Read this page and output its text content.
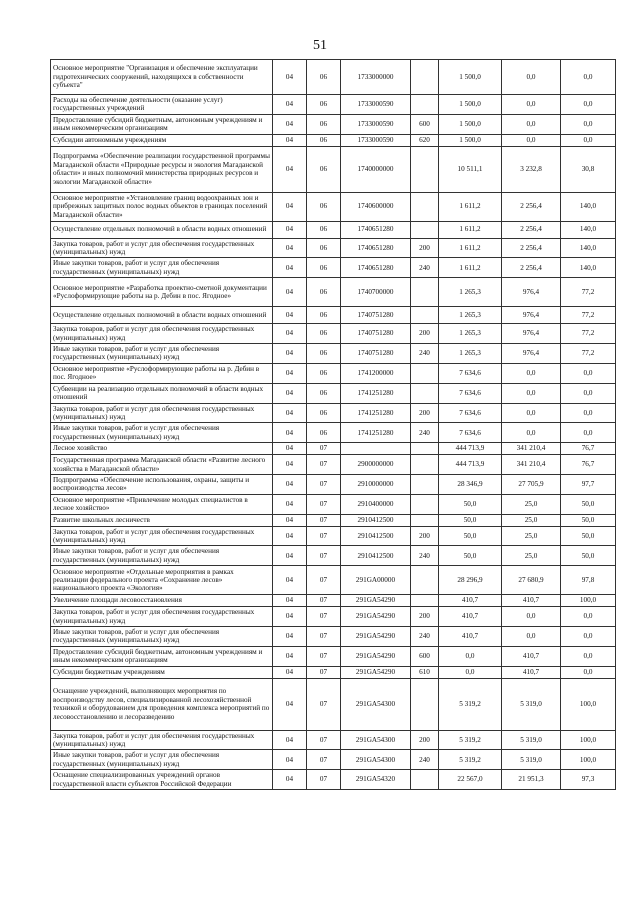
51
Основное мероприятие "Организация и обеспечение эксплуатации гидротехнических сооружений, находящихся в собственности субъекта"	04	06	1733000000		1 500,0	0,0	0,0
Расходы на обеспечение деятельности (оказание услуг) государственных учреждений	04	06	1733000590		1 500,0	0,0	0,0
Предоставление субсидий бюджетным, автономным учреждениям и иным некоммерческим организациям	04	06	1733000590	600	1 500,0	0,0	0,0
Субсидии автономным учреждениям	04	06	1733000590	620	1 500,0	0,0	0,0
Подпрограмма «Обеспечение реализации государственной программы Магаданской области «Природные ресурсы и экология Магаданской области» и иных полномочий министерства природных ресурсов и экологии Магаданской области»	04	06	1740000000		10 511,1	3 232,8	30,8
Основное мероприятие «Установление границ водоохранных зон и прибрежных защитных полос водных объектов в границах поселений Магаданской области»	04	06	1740600000		1 611,2	2 256,4	140,0
Осуществление отдельных полномочий в области водных отношений	04	06	1740651280		1 611,2	2 256,4	140,0
Закупка товаров, работ и услуг для обеспечения государственных (муниципальных) нужд	04	06	1740651280	200	1 611,2	2 256,4	140,0
Иные закупки товаров, работ и услуг для обеспечения государственных (муниципальных) нужд	04	06	1740651280	240	1 611,2	2 256,4	140,0
Основное мероприятие «Разработка проектно-сметной документации «Руслоформирующие работы на р. Дебин в пос. Ягодное»	04	06	1740700000		1 265,3	976,4	77,2
Осуществление отдельных полномочий в области водных отношений	04	06	1740751280		1 265,3	976,4	77,2
Закупка товаров, работ и услуг для обеспечения государственных (муниципальных) нужд	04	06	1740751280	200	1 265,3	976,4	77,2
Иные закупки товаров, работ и услуг для обеспечения государственных (муниципальных) нужд	04	06	1740751280	240	1 265,3	976,4	77,2
Основное мероприятие «Руслоформирующие работы на р. Дебин в пос. Ягодное»	04	06	1741200000		7 634,6	0,0	0,0
Субвенции на реализацию отдельных полномочий в области водных отношений	04	06	1741251280		7 634,6	0,0	0,0
Закупка товаров, работ и услуг для обеспечения государственных (муниципальных) нужд	04	06	1741251280	200	7 634,6	0,0	0,0
Иные закупки товаров, работ и услуг для обеспечения государственных (муниципальных) нужд	04	06	1741251280	240	7 634,6	0,0	0,0
Лесное хозяйство	04	07			444 713,9	341 210,4	76,7
Государственная программа Магаданской области «Развитие лесного хозяйства в Магаданской области»	04	07	2900000000		444 713,9	341 210,4	76,7
Подпрограмма «Обеспечение использования, охраны, защиты и воспроизводства лесов»	04	07	2910000000		28 346,9	27 705,9	97,7
Основное мероприятие «Привлечение молодых специалистов в лесное хозяйство»	04	07	2910400000		50,0	25,0	50,0
Развитие школьных лесничеств	04	07	2910412500		50,0	25,0	50,0
Закупка товаров, работ и услуг для обеспечения государственных (муниципальных) нужд	04	07	2910412500	200	50,0	25,0	50,0
Иные закупки товаров, работ и услуг для обеспечения государственных (муниципальных) нужд	04	07	2910412500	240	50,0	25,0	50,0
Основное мероприятие «Отдельные мероприятия в рамках реализации федерального проекта «Сохранение лесов» национального проекта «Экология»	04	07	291GA00000		28 296,9	27 680,9	97,8
Увеличение площади лесовосстановления	04	07	291GA54290		410,7	410,7	100,0
Закупка товаров, работ и услуг для обеспечения государственных (муниципальных) нужд	04	07	291GA54290	200	410,7	0,0	0,0
Иные закупки товаров, работ и услуг для обеспечения государственных (муниципальных) нужд	04	07	291GA54290	240	410,7	0,0	0,0
Предоставление субсидий бюджетным, автономным учреждениям и иным некоммерческим организациям	04	07	291GA54290	600	0,0	410,7	0,0
Субсидии бюджетным учреждениям	04	07	291GA54290	610	0,0	410,7	0,0
Оснащение учреждений, выполняющих мероприятия по воспроизводству лесов, специализированной лесохозяйственной техникой и оборудованием для проведения комплекса мероприятий по лесовосстановлению и лесоразведению	04	07	291GA54300		5 319,2	5 319,0	100,0
Закупка товаров, работ и услуг для обеспечения государственных (муниципальных) нужд	04	07	291GA54300	200	5 319,2	5 319,0	100,0
Иные закупки товаров, работ и услуг для обеспечения государственных (муниципальных) нужд	04	07	291GA54300	240	5 319,2	5 319,0	100,0
Оснащение специализированных учреждений органов государственной власти субъектов Российской Федерации	04	07	291GA54320		22 567,0	21 951,3	97,3
